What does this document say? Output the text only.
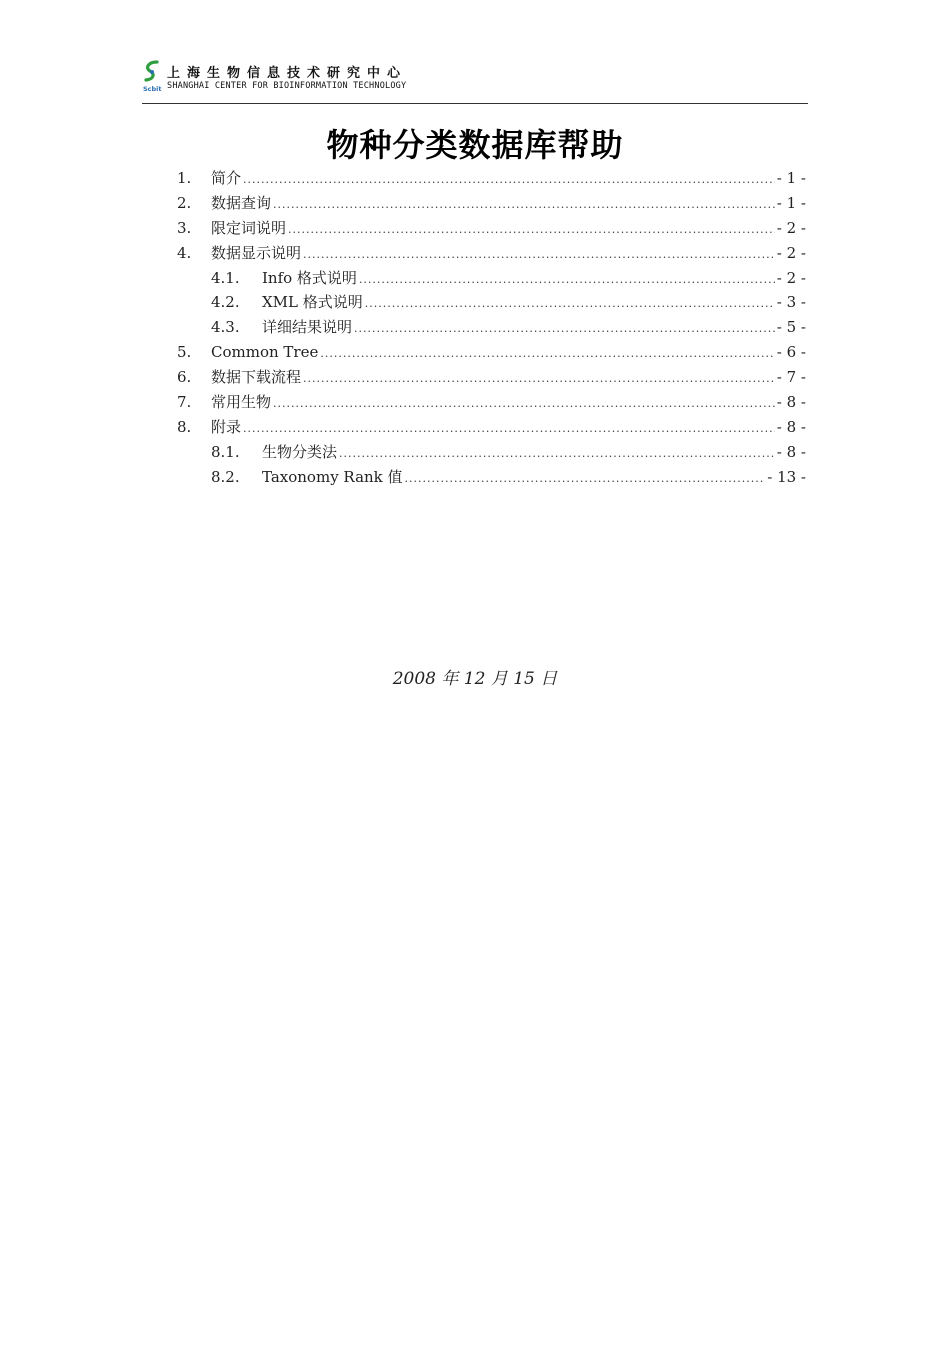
Scbit
上海生物信息技术研究中心
SHANGHAI CENTER FOR BIOINFORMATION TECHNOLOGY
物种分类数据库帮助
1.	简介 .....	- 1 -
2.	数据查询 .....	- 1 -
3.	限定词说明 .....	- 2 -
4.	数据显示说明 .....	- 2 -
4.1.	Info 格式说明 .....	- 2 -
4.2.	XML 格式说明 .....	- 3 -
4.3.	详细结果说明 .....	- 5 -
5.	Common Tree .....	- 6 -
6.	数据下载流程 .....	- 7 -
7.	常用生物 .....	- 8 -
8.	附录 .....	- 8 -
8.1.	生物分类法 .....	- 8 -
8.2.	Taxonomy Rank 值 .....	- 13 -
2008 年 12 月 15 日
